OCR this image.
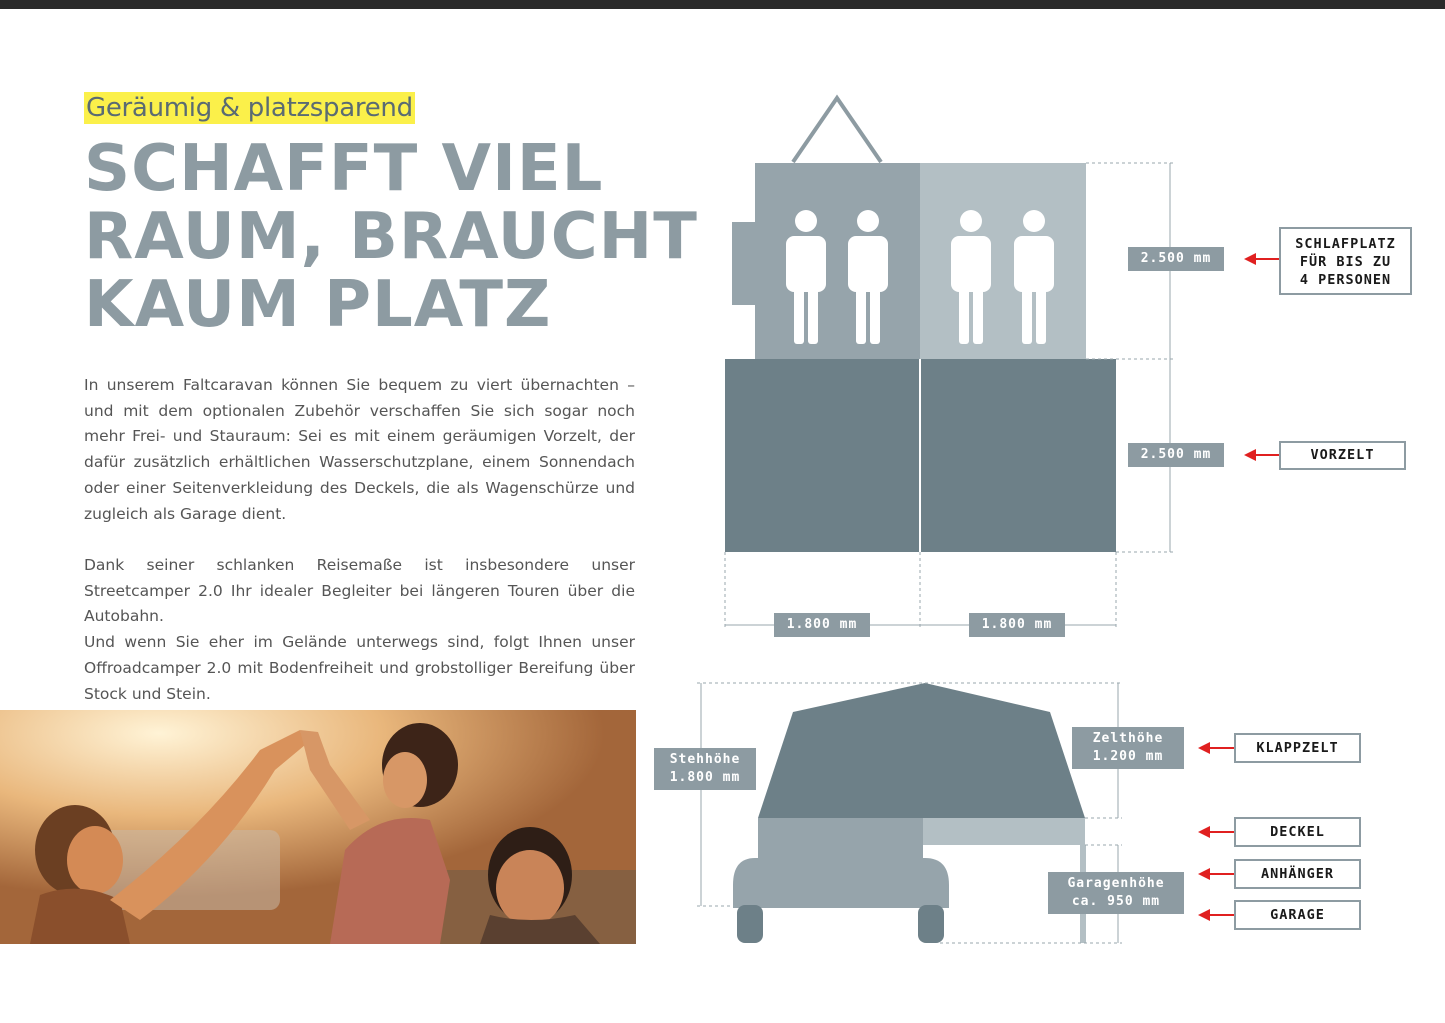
Geräumig & platzsparend
SCHAFFT VIEL
RAUM, BRAUCHT
KAUM PLATZ

In unserem Faltcaravan können Sie bequem zu viert übernachten – und mit dem optionalen Zubehör verschaffen Sie sich sogar noch mehr Frei- und Stauraum: Sei es mit einem geräumigen Vorzelt, der dafür zusätzlich erhältlichen Wasserschutzplane, einem Sonnendach oder einer Seitenverkleidung des Deckels, die als Wagenschürze und zugleich als Garage dient.

Dank seiner schlanken Reisemaße ist insbesondere unser Streetcamper 2.0 Ihr idealer Begleiter bei längeren Touren über die Autobahn.
Und wenn Sie eher im Gelände unterwegs sind, folgt Ihnen unser Offroadcamper 2.0 mit Bodenfreiheit und grobstolliger Bereifung über Stock und Stein.

2.500 mm
2.500 mm
1.800 mm	1.800 mm
SCHLAFPLATZ
FÜR BIS ZU
4 PERSONEN
VORZELT
Stehhöhe
1.800 mm
Zelthöhe
1.200 mm
Garagenhöhe
ca. 950 mm
KLAPPZELT
DECKEL
ANHÄNGER
GARAGE
